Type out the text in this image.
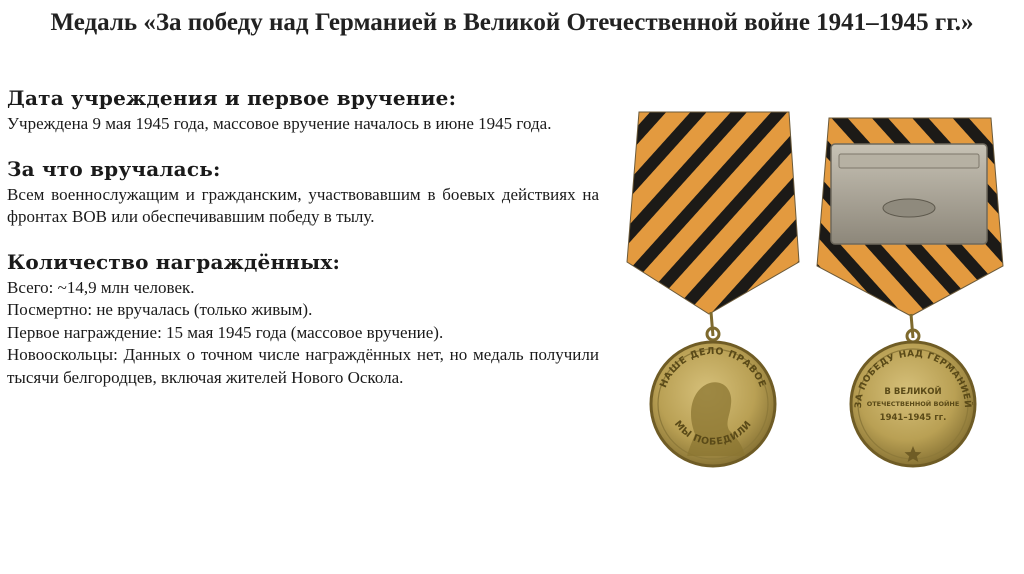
Медаль «За победу над Германией в Великой Отечественной войне 1941–1945 гг.»
Дата учреждения и первое вручение:

Учреждена 9 мая 1945 года, массовое вручение началось в июне 1945 года.

За что вручалась:

Всем военнослужащим и гражданским, участвовавшим в боевых действиях на фронтах ВОВ или обеспечивавшим победу в тылу.

Количество награждённых:

Всего: ~14,9 млн человек.
Посмертно: не вручалась (только живым).
Первое награждение: 15 мая 1945 года (массовое вручение).
Новооскольцы: Данных о точном числе награждённых нет, но медаль получили тысячи белгородцев, включая жителей Нового Оскола.	НАШЕ ДЕЛО ПРАВОЕ
МЫ ПОБЕДИЛИ
ЗА ПОБЕДУ НАД ГЕРМАНИЕЙ
В ВЕЛИКОЙ
ОТЕЧЕСТВЕННОЙ ВОЙНЕ
1941–1945 гг.
